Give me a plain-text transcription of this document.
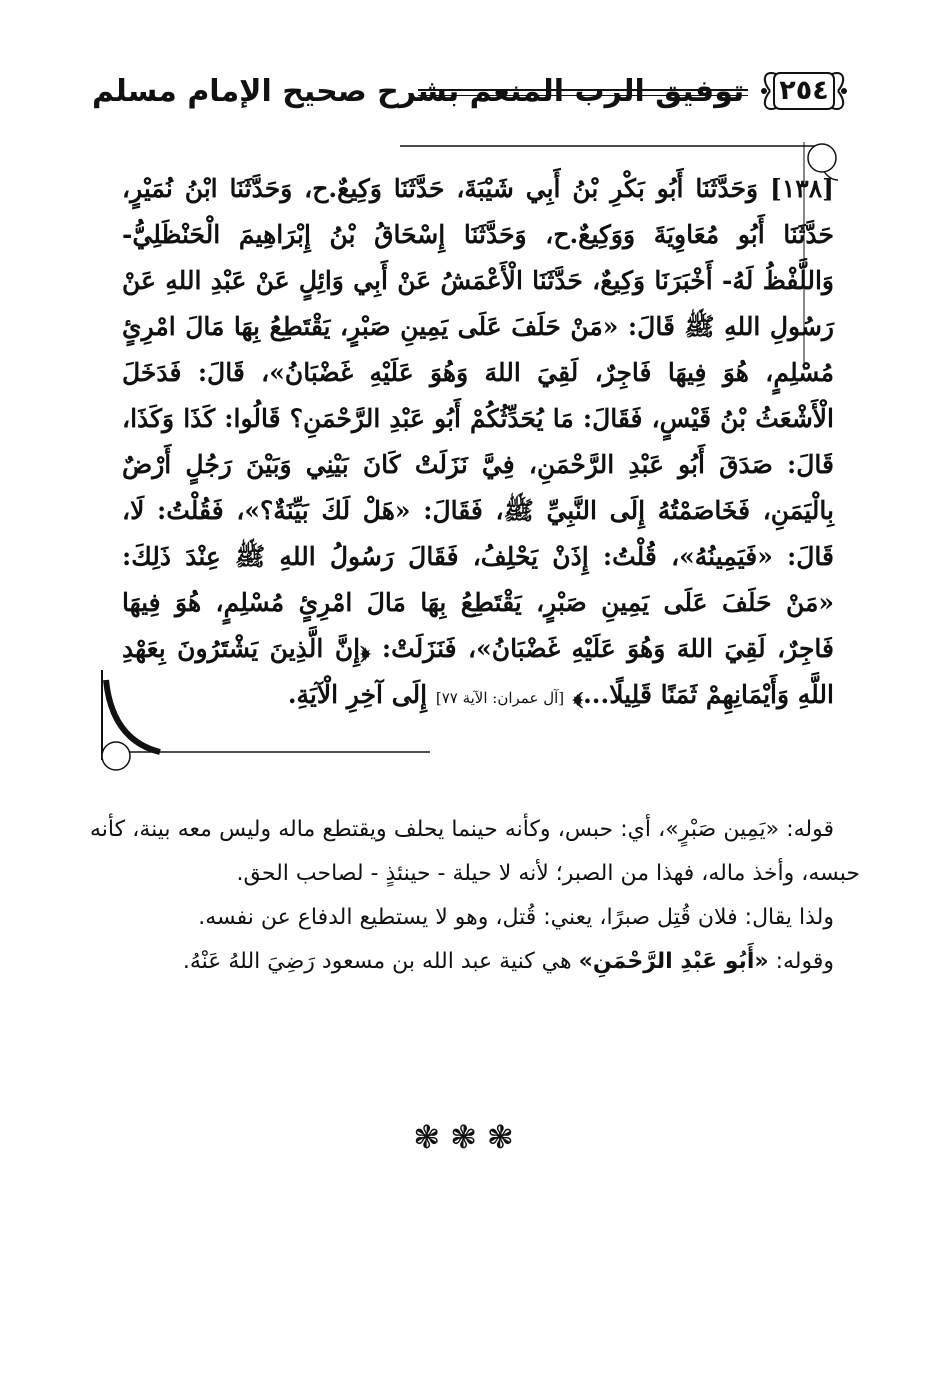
توفيق الرب المنعم بشرح صحيح الإمام مسلم	٢٥٤
[١٣٨] وَحَدَّثَنَا أَبُو بَكْرِ بْنُ أَبِي شَيْبَةَ، حَدَّثَنَا وَكِيعٌ.ح، وَحَدَّثَنَا ابْنُ نُمَيْرٍ، حَدَّثَنَا أَبُو مُعَاوِيَةَ وَوَكِيعٌ.ح، وَحَدَّثَنَا إِسْحَاقُ بْنُ إِبْرَاهِيمَ الْحَنْظَلِيُّ- وَاللَّفْظُ لَهُ- أَخْبَرَنَا وَكِيعٌ، حَدَّثَنَا الْأَعْمَشُ عَنْ أَبِي وَائِلٍ عَنْ عَبْدِ اللهِ عَنْ رَسُولِ اللهِ ﷺ قَالَ: «مَنْ حَلَفَ عَلَى يَمِينِ صَبْرٍ، يَقْتَطِعُ بِهَا مَالَ امْرِئٍ مُسْلِمٍ، هُوَ فِيهَا فَاجِرٌ، لَقِيَ اللهَ وَهُوَ عَلَيْهِ غَضْبَانُ»، قَالَ: فَدَخَلَ الْأَشْعَثُ بْنُ قَيْسٍ، فَقَالَ: مَا يُحَدِّثُكُمْ أَبُو عَبْدِ الرَّحْمَنِ؟ قَالُوا: كَذَا وَكَذَا، قَالَ: صَدَقَ أَبُو عَبْدِ الرَّحْمَنِ، فِيَّ نَزَلَتْ كَانَ بَيْنِي وَبَيْنَ رَجُلٍ أَرْضٌ بِالْيَمَنِ، فَخَاصَمْتُهُ إِلَى النَّبِيِّ ﷺ، فَقَالَ: «هَلْ لَكَ بَيِّنَةٌ؟»، فَقُلْتُ: لَا، قَالَ: «فَيَمِينُهُ»، قُلْتُ: إِذَنْ يَحْلِفُ، فَقَالَ رَسُولُ اللهِ ﷺ عِنْدَ ذَلِكَ: «مَنْ حَلَفَ عَلَى يَمِينِ صَبْرٍ، يَقْتَطِعُ بِهَا مَالَ امْرِئٍ مُسْلِمٍ، هُوَ فِيهَا فَاجِرٌ، لَقِيَ اللهَ وَهُوَ عَلَيْهِ غَضْبَانُ»، فَنَزَلَتْ: ﴿إِنَّ الَّذِينَ يَشْتَرُونَ بِعَهْدِ اللَّهِ وَأَيْمَانِهِمْ ثَمَنًا قَلِيلًا...﴾ [آل عمران: الآية ٧٧] إِلَى آخِرِ الْآيَةِ.

قوله: «يَمِين صَبْرٍ»، أي: حبس، وكأنه حينما يحلف ويقتطع ماله وليس معه بينة، كأنه حبسه، وأخذ ماله، فهذا من الصبر؛ لأنه لا حيلة - حينئذٍ - لصاحب الحق.

ولذا يقال: فلان قُتِل صبرًا، يعني: قُتل، وهو لا يستطيع الدفاع عن نفسه.

وقوله: «أَبُو عَبْدِ الرَّحْمَنِ» هي كنية عبد الله بن مسعود رَضِيَ اللهُ عَنْهُ.

❃❃❃
